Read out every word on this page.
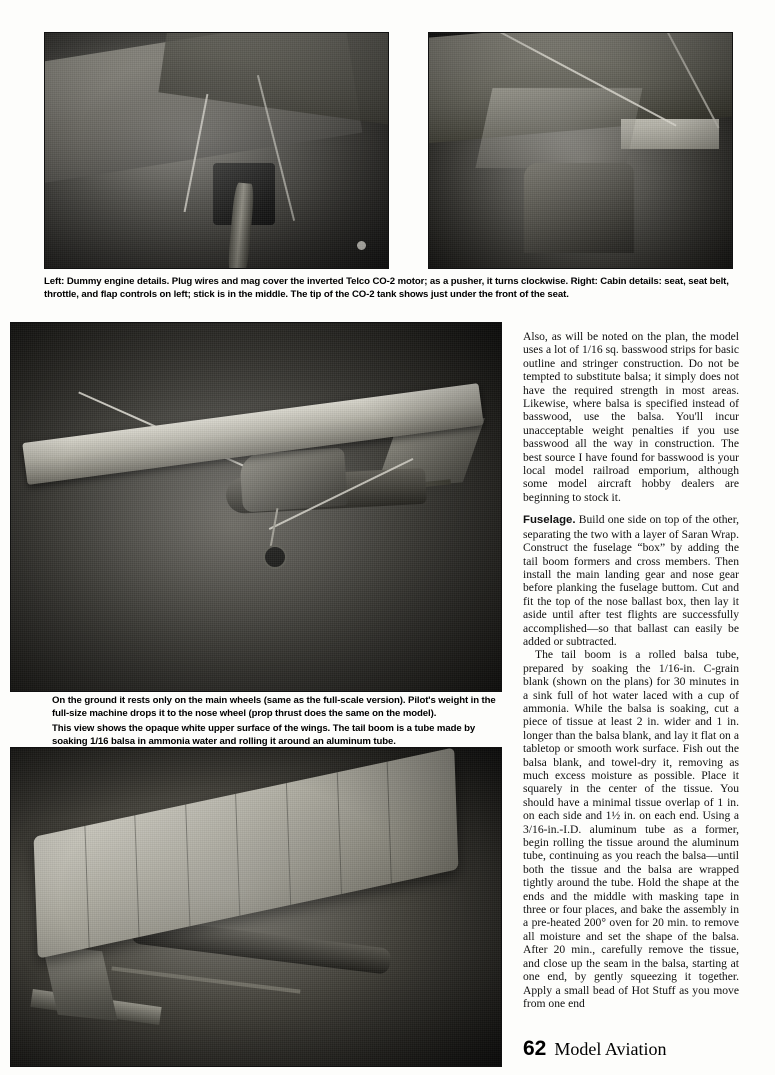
Left: Dummy engine details. Plug wires and mag cover the inverted Telco CO-2 motor; as a pusher, it turns clockwise. Right: Cabin details: seat, seat belt, throttle, and flap controls on left; stick is in the middle. The tip of the CO-2 tank shows just under the front of the seat.
On the ground it rests only on the main wheels (same as the full-scale version). Pilot's weight in the full-size machine drops it to the nose wheel (prop thrust does the same on the model).
This view shows the opaque white upper surface of the wings. The tail boom is a tube made by soaking 1/16 balsa in ammonia water and rolling it around an aluminum tube.

Also, as will be noted on the plan, the model uses a lot of 1/16 sq. basswood strips for basic outline and stringer construction. Do not be tempted to substitute balsa; it simply does not have the required strength in most areas. Likewise, where balsa is specified instead of basswood, use the balsa. You'll incur unacceptable weight penalties if you use basswood all the way in construction. The best source I have found for basswood is your local model railroad emporium, although some model aircraft hobby dealers are beginning to stock it.

Fuselage. Build one side on top of the other, separating the two with a layer of Saran Wrap. Construct the fuselage “box” by adding the tail boom formers and cross members. Then install the main landing gear and nose gear before planking the fuselage buttom. Cut and fit the top of the nose ballast box, then lay it aside until after test flights are successfully accomplished—so that ballast can easily be added or subtracted.

The tail boom is a rolled balsa tube, prepared by soaking the 1/16-in. C-grain blank (shown on the plans) for 30 minutes in a sink full of hot water laced with a cup of ammonia. While the balsa is soaking, cut a piece of tissue at least 2 in. wider and 1 in. longer than the balsa blank, and lay it flat on a tabletop or smooth work surface. Fish out the balsa blank, and towel-dry it, removing as much excess moisture as possible. Place it squarely in the center of the tissue. You should have a minimal tissue overlap of 1 in. on each side and 1½ in. on each end. Using a 3/16-in.-I.D. aluminum tube as a former, begin rolling the tissue around the aluminum tube, continuing as you reach the balsa—until both the tissue and the balsa are wrapped tightly around the tube. Hold the shape at the ends and the middle with masking tape in three or four places, and bake the assembly in a pre-heated 200° oven for 20 min. to remove all moisture and set the shape of the balsa. After 20 min., carefully remove the tissue, and close up the seam in the balsa, starting at one end, by gently squeezing it together. Apply a small bead of Hot Stuff as you move from one end

62 Model Aviation
